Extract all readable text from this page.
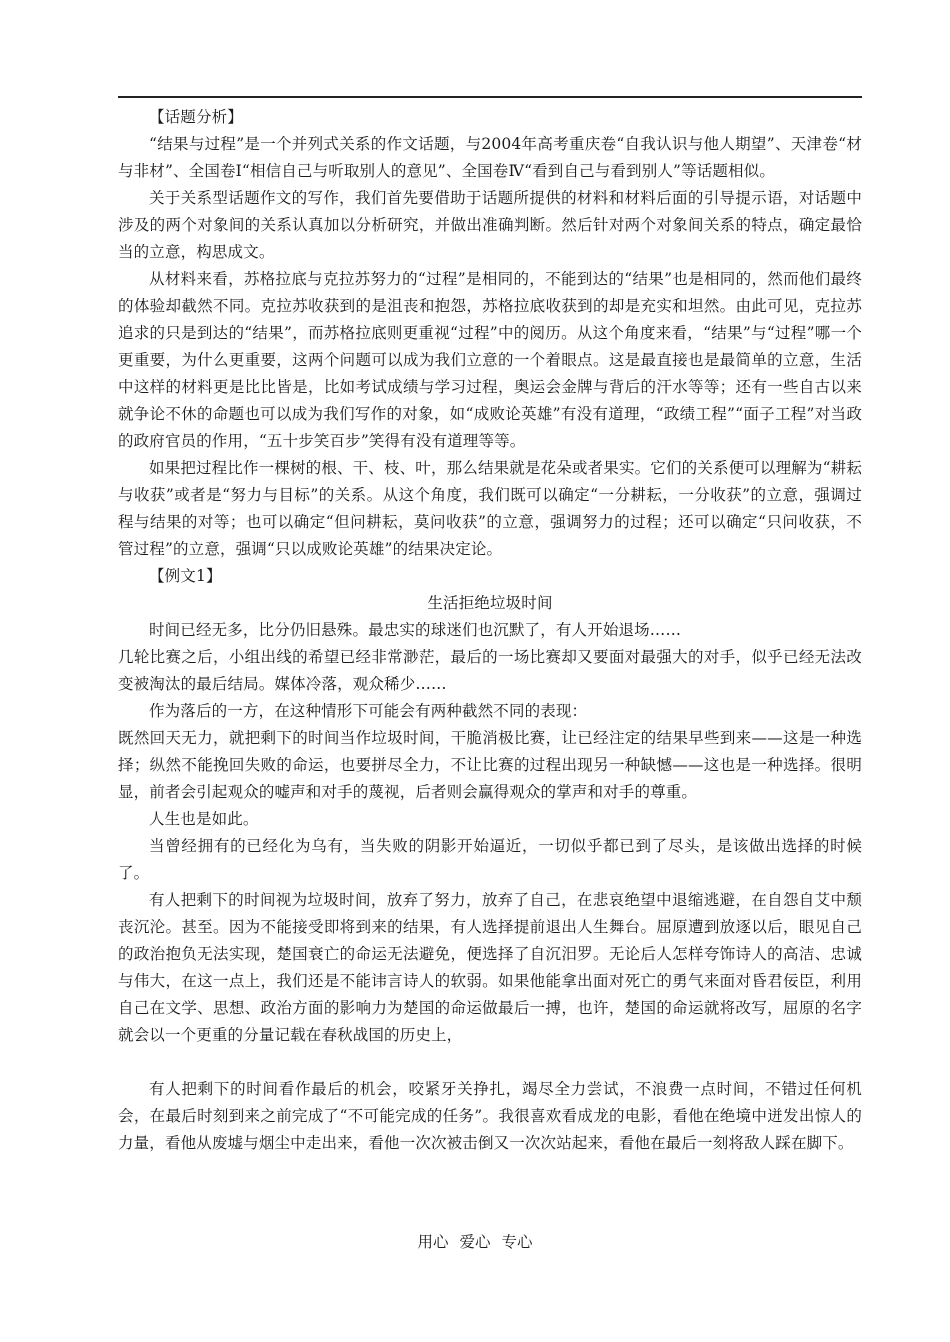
【话题分析】

“结果与过程”是一个并列式关系的作文话题，与2004年高考重庆卷“自我认识与他人期望”、天津卷“材与非材”、全国卷Ⅰ“相信自己与听取别人的意见”、全国卷Ⅳ“看到自己与看到别人”等话题相似。

关于关系型话题作文的写作，我们首先要借助于话题所提供的材料和材料后面的引导提示语，对话题中涉及的两个对象间的关系认真加以分析研究，并做出准确判断。然后针对两个对象间关系的特点，确定最恰当的立意，构思成文。

从材料来看，苏格拉底与克拉苏努力的“过程”是相同的，不能到达的“结果”也是相同的，然而他们最终的体验却截然不同。克拉苏收获到的是沮丧和抱怨，苏格拉底收获到的却是充实和坦然。由此可见，克拉苏追求的只是到达的“结果”，而苏格拉底则更重视“过程”中的阅历。从这个角度来看，“结果”与“过程”哪一个更重要，为什么更重要，这两个问题可以成为我们立意的一个着眼点。这是最直接也是最简单的立意，生活中这样的材料更是比比皆是，比如考试成绩与学习过程，奥运会金牌与背后的汗水等等；还有一些自古以来就争论不休的命题也可以成为我们写作的对象，如“成败论英雄”有没有道理，“政绩工程”“面子工程”对当政的政府官员的作用，“五十步笑百步”笑得有没有道理等等。

如果把过程比作一棵树的根、干、枝、叶，那么结果就是花朵或者果实。它们的关系便可以理解为“耕耘与收获”或者是“努力与目标”的关系。从这个角度，我们既可以确定“一分耕耘，一分收获”的立意，强调过程与结果的对等；也可以确定“但问耕耘，莫问收获”的立意，强调努力的过程；还可以确定“只问收获，不管过程”的立意，强调“只以成败论英雄”的结果决定论。

【例文1】

生活拒绝垃圾时间

时间已经无多，比分仍旧悬殊。最忠实的球迷们也沉默了，有人开始退场……

几轮比赛之后，小组出线的希望已经非常渺茫，最后的一场比赛却又要面对最强大的对手，似乎已经无法改变被淘汰的最后结局。媒体冷落，观众稀少……

作为落后的一方，在这种情形下可能会有两种截然不同的表现：

既然回天无力，就把剩下的时间当作垃圾时间，干脆消极比赛，让已经注定的结果早些到来——这是一种选择；纵然不能挽回失败的命运，也要拼尽全力，不让比赛的过程出现另一种缺憾——这也是一种选择。很明显，前者会引起观众的嘘声和对手的蔑视，后者则会赢得观众的掌声和对手的尊重。

人生也是如此。

当曾经拥有的已经化为乌有，当失败的阴影开始逼近，一切似乎都已到了尽头，是该做出选择的时候了。

有人把剩下的时间视为垃圾时间，放弃了努力，放弃了自己，在悲哀绝望中退缩逃避，在自怨自艾中颓丧沉沦。甚至。因为不能接受即将到来的结果，有人选择提前退出人生舞台。屈原遭到放逐以后，眼见自己的政治抱负无法实现，楚国衰亡的命运无法避免，便选择了自沉汨罗。无论后人怎样夸饰诗人的高洁、忠诚与伟大，在这一点上，我们还是不能讳言诗人的软弱。如果他能拿出面对死亡的勇气来面对昏君佞臣，利用自己在文学、思想、政治方面的影响力为楚国的命运做最后一搏，也许，楚国的命运就将改写，屈原的名字就会以一个更重的分量记载在春秋战国的历史上，

有人把剩下的时间看作最后的机会，咬紧牙关挣扎，竭尽全力尝试，不浪费一点时间，不错过任何机会，在最后时刻到来之前完成了“不可能完成的任务”。我很喜欢看成龙的电影，看他在绝境中迸发出惊人的力量，看他从废墟与烟尘中走出来，看他一次次被击倒又一次次站起来，看他在最后一刻将敌人踩在脚下。

用心 爱心 专心
